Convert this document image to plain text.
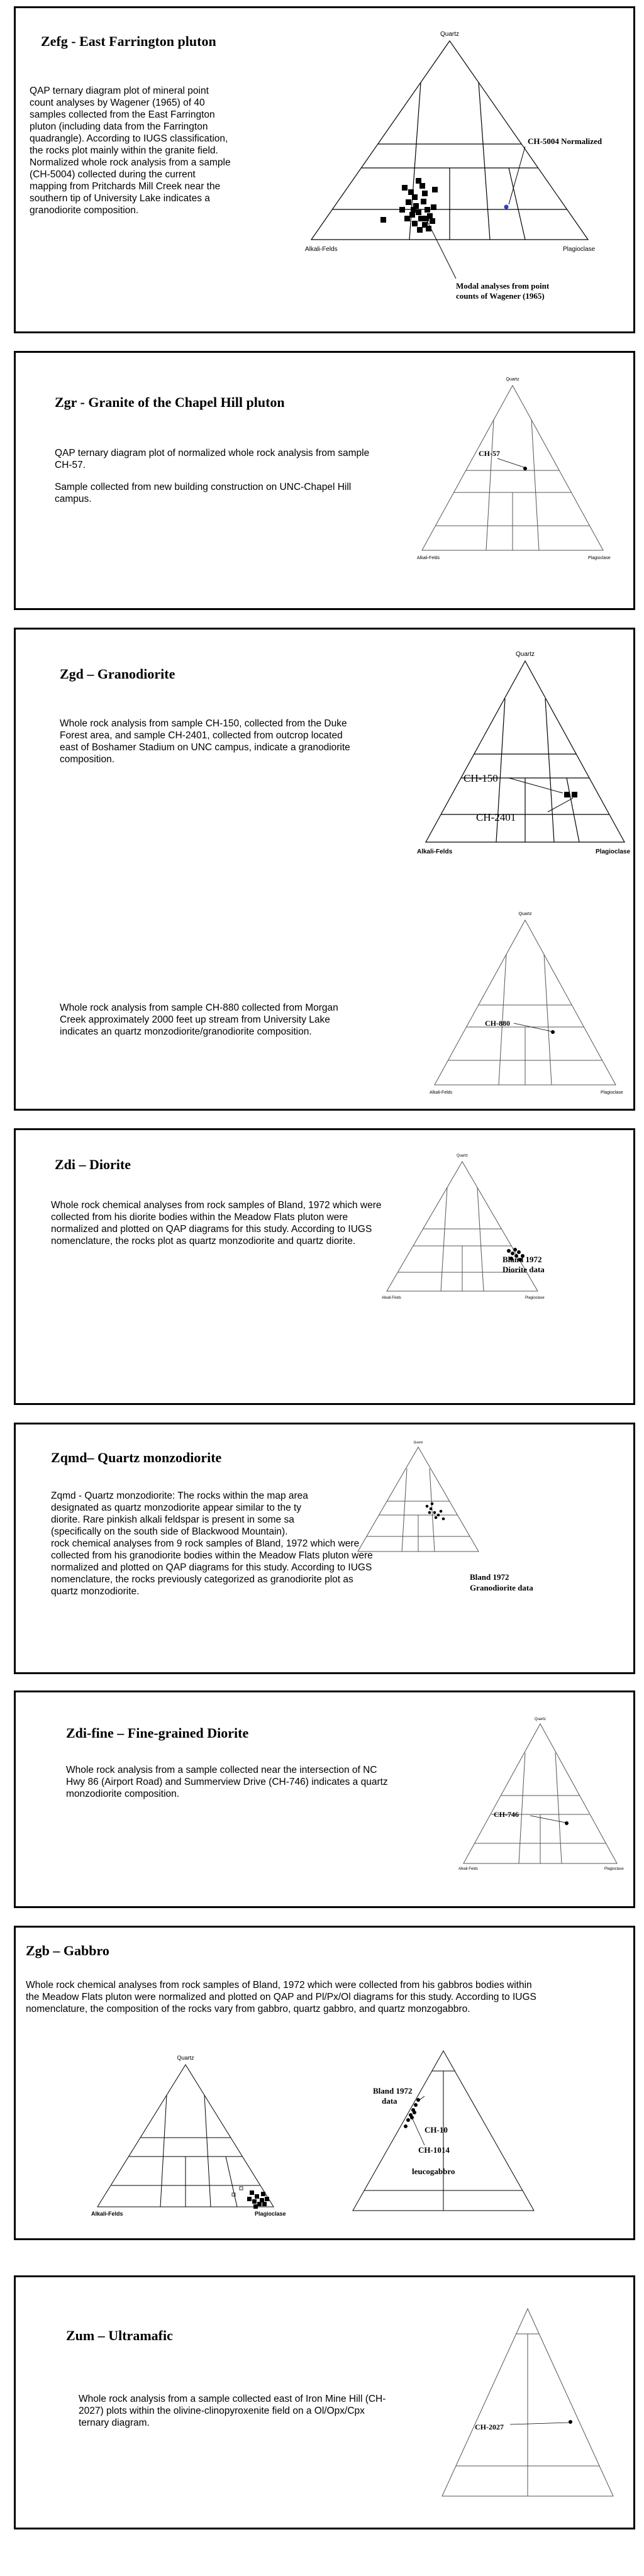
Zefg - East Farrington pluton

QAP ternary diagram plot of mineral point count analyses by Wagener (1965) of 40 samples collected from the East Farrington pluton (including data from the Farrington quadrangle). According to IUGS classification, the rocks plot mainly within the granite field. Normalized whole rock analysis from a sample (CH-5004) collected during the current mapping from Pritchards Mill Creek near the southern tip of University Lake indicates a granodiorite composition.

Quartz
Alkali-Felds	Plagioclase
CH-5004 Normalized
Modal analyses from point
counts of Wagener (1965)
Zgr - Granite of the Chapel Hill pluton

QAP ternary diagram plot of normalized whole rock analysis from sample CH-57.

Sample collected from new building construction on UNC-Chapel Hill campus.

Quartz
Alkali-Felds	Plagioclase
CH-57
Zgd – Granodiorite

Whole rock analysis from sample CH-150, collected from the Duke Forest area, and sample CH-2401, collected from outcrop located east of Boshamer Stadium on UNC campus, indicate a granodiorite composition.

Quartz
Alkali-Felds	Plagioclase
CH-150
CH-2401

Whole rock analysis from sample CH-880 collected from Morgan Creek approximately 2000 feet up stream from University Lake indicates an quartz monzodiorite/granodiorite composition.

Quartz
Alkali-Felds	Plagioclase
CH-880
Zdi – Diorite

Whole rock chemical analyses from rock samples of Bland, 1972 which were collected from his diorite bodies within the Meadow Flats pluton were normalized and plotted on QAP diagrams for this study. According to IUGS nomenclature, the rocks plot as quartz monzodiorite and quartz diorite.

Quartz
Alkali-Felds	Plagioclase
Bland 1972
Diorite data
Zqmd– Quartz monzodiorite
Zqmd - Quartz monzodiorite: The rocks within the map area
designated as quartz monzodiorite appear similar to the ty
diorite. Rare pinkish alkali feldspar is present in some sa
(specifically on the south side of Blackwood Mountain).
rock chemical analyses from 9 rock samples of Bland, 1972 which were collected from his granodiorite bodies within the Meadow Flats pluton were normalized and plotted on QAP diagrams for this study. According to IUGS nomenclature, the rocks previously categorized as granodiorite plot as quartz monzodiorite.
Quartz
Bland 1972
Granodiorite data
Zdi-fine – Fine-grained Diorite

Whole rock analysis from a sample collected near the intersection of NC Hwy 86 (Airport Road) and Summerview Drive (CH-746) indicates a quartz monzodiorite composition.

Quartz
Alkali-Felds	Plagioclase
CH-746
Zgb – Gabbro

Whole rock chemical analyses from rock samples of Bland, 1972 which were collected from his gabbros bodies within the Meadow Flats pluton were normalized and plotted on QAP and Pl/Px/Ol diagrams for this study. According to IUGS nomenclature, the composition of the rocks vary from gabbro, quartz gabbro, and quartz monzogabbro.

Quartz
Alkali-Felds	Plagioclase
Bland 1972
data
CH-10
CH-1014
leucogabbro
Zum – Ultramafic

Whole rock analysis from a sample collected east of Iron Mine Hill (CH-2027) plots within the olivine-clinopyroxenite field on a Ol/Opx/Cpx ternary diagram.	CH-2027
